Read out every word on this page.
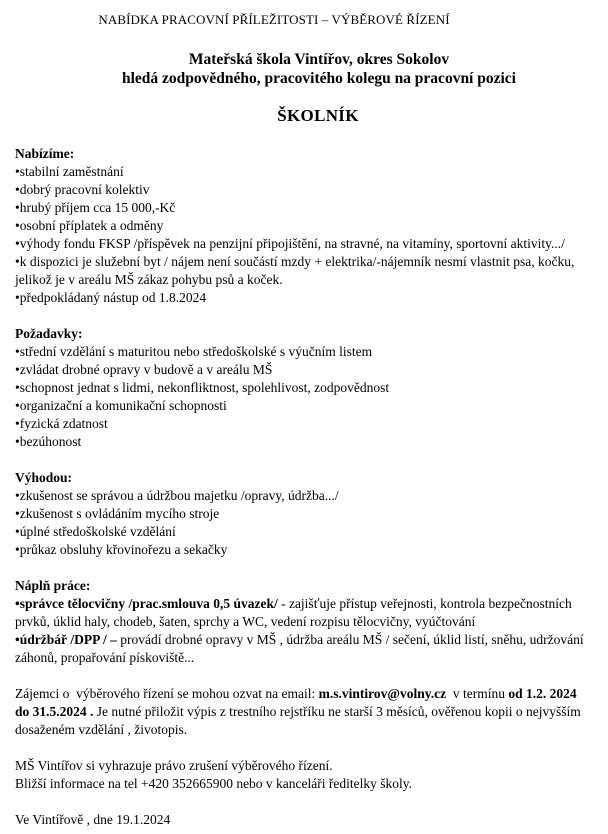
NABÍDKA PRACOVNÍ PŘÍLEŽITOSTI – VÝBĚROVÉ ŘÍZENÍ
Mateřská škola Vintířov, okres Sokolov
hledá zodpovědného, pracovitého kolegu na pracovní pozici
ŠKOLNÍK
Nabízíme:
•stabilní zaměstnání
•dobrý pracovní kolektiv
•hrubý příjem cca 15 000,-Kč
•osobní příplatek a odměny
•výhody fondu FKSP /příspěvek na penzijní připojištění, na stravné, na vitamíny, sportovní aktivity.../
•k dispozici je služební byt / nájem není součástí mzdy + elektrika/-nájemník nesmí vlastnit psa, kočku, jelikož je v areálu MŠ zákaz pohybu psů a koček.
•předpokládaný nástup od 1.8.2024
Požadavky:
•střední vzdělání s maturitou nebo středoškolské s výučním listem
•zvládat drobné opravy v budově a v areálu MŠ
•schopnost jednat s lidmi, nekonfliktnost, spolehlivost, zodpovědnost
•organizační a komunikační schopnosti
•fyzická zdatnost
•bezúhonost
Výhodou:
•zkušenost se správou a údržbou majetku /opravy, údržba.../
•zkušenost s ovládáním mycího stroje
•úplné středoškolské vzdělání
•průkaz obsluhy křovinořezu a sekačky
Náplň práce:
•správce tělocvičny /prac.smlouva 0,5 úvazek/ - zajišťuje přístup veřejnosti, kontrola bezpečnostních prvků, úklid haly, chodeb, šaten, sprchy a WC, vedení rozpisu tělocvičny, vyúčtování
•údržbář /DPP / – provádí drobné opravy v MŠ , údržba areálu MŠ / sečení, úklid listí, sněhu, udržování záhonů, propařování pískoviště...
Zájemci o  výběrového řízení se mohou ozvat na email: m.s.vintirov@volny.cz  v termínu od 1.2. 2024 do 31.5.2024 . Je nutné přiložit výpis z trestního rejstříku ne starší 3 měsíců, ověřenou kopii o nejvyšším dosaženém vzdělání , životopis.
MŠ Vintířov si vyhrazuje právo zrušení výběrového řízení.
Bližší informace na tel +420 352665900 nebo v kanceláři ředitelky školy.
Ve Vintířově , dne 19.1.2024
